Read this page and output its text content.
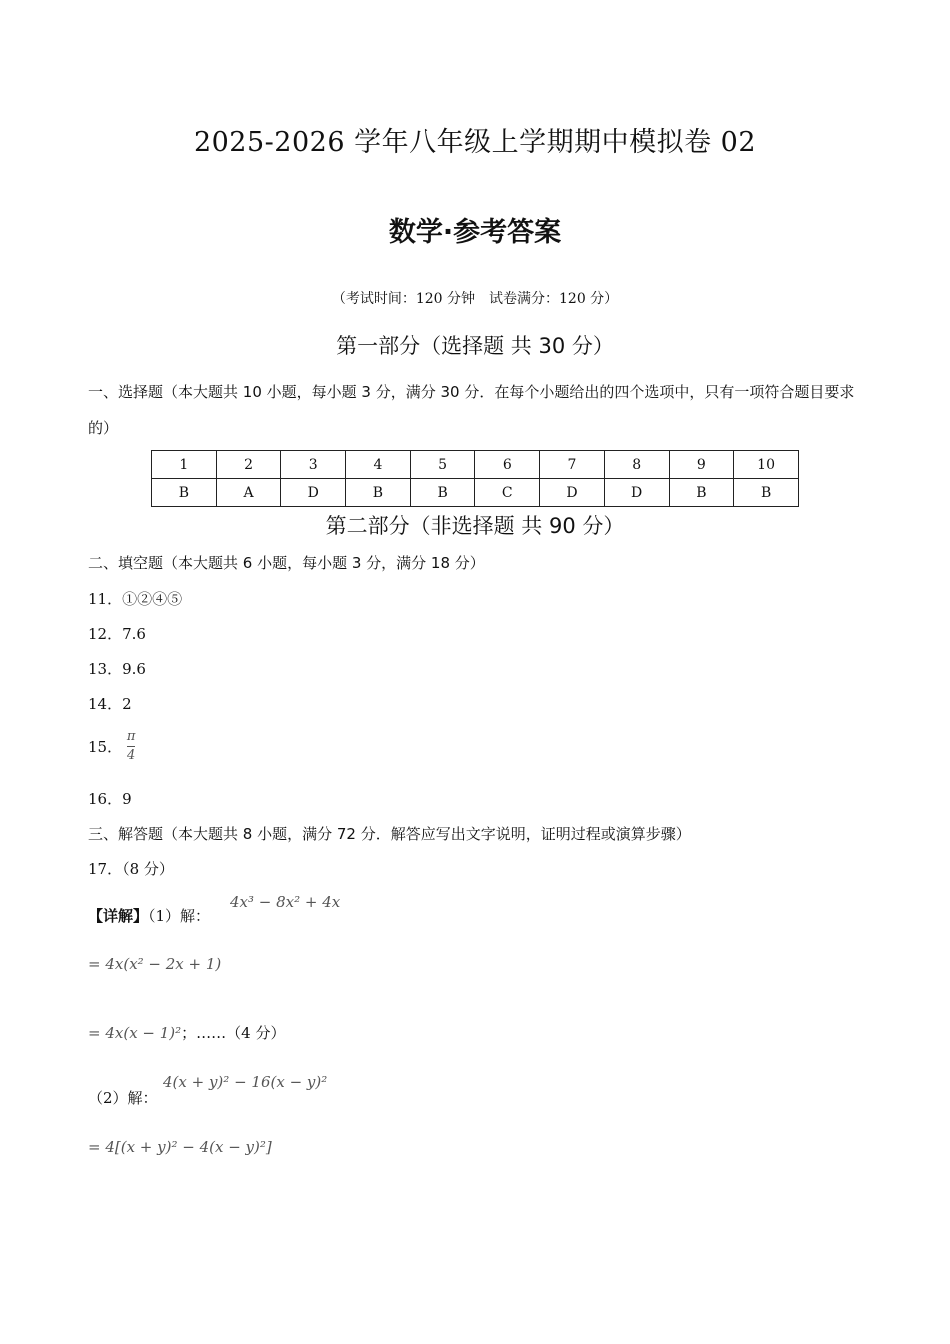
2025-2026 学年八年级上学期期中模拟卷 02
数学·参考答案
（考试时间：120 分钟　试卷满分：120 分）
第一部分（选择题 共 30 分）
一、选择题（本大题共 10 小题，每小题 3 分，满分 30 分．在每个小题给出的四个选项中，只有一项符合题目要求的）
1	2	3	4	5	6	7	8	9	10
B	A	D	B	B	C	D	D	B	B
第二部分（非选择题 共 90 分）
二、填空题（本大题共 6 小题，每小题 3 分，满分 18 分）
11．①②④⑤
12．7.6
13．9.6
14．2
15． $\frac{\pi}{4}$
16．9
三、解答题（本大题共 8 小题，满分 72 分．解答应写出文字说明，证明过程或演算步骤）
17．（8 分）
【详解】（1）解：
4x³ − 8x² + 4x
= 4x(x² − 2x + 1)
= 4x(x − 1)²；……（4 分）
（2）解：
4(x + y)² − 16(x − y)²
= 4[(x + y)² − 4(x − y)²]
